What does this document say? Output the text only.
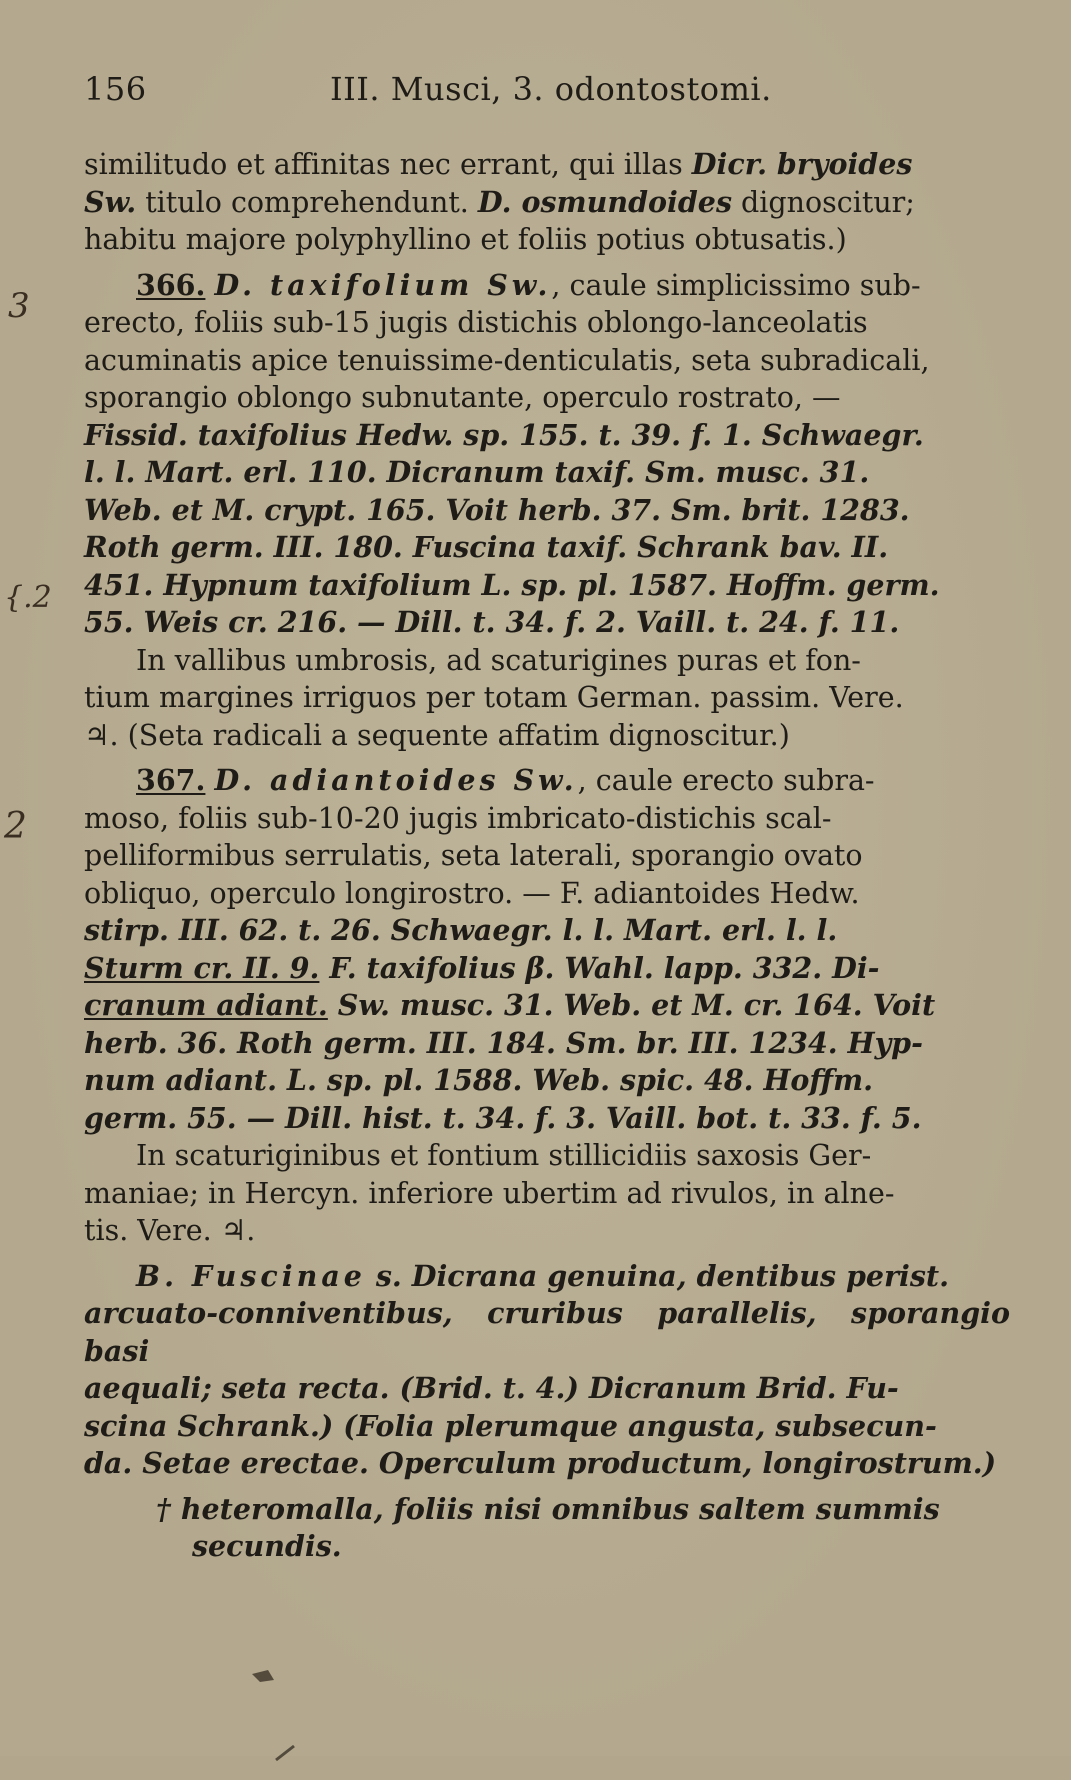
156	III. Musci, 3. odontostomi.
3
{.2
2

similitudo et affinitas nec errant, qui illas Dicr. bryoides

Sw. titulo comprehendunt. D. osmundoides dignoscitur;

habitu majore polyphyllino et foliis potius obtusatis.)

366. D. taxifolium Sw., caule simplicissimo sub-

erecto, foliis sub-15 jugis distichis oblongo-lanceolatis

acuminatis apice tenuissime-denticulatis, seta subradicali,

sporangio oblongo subnutante, operculo rostrato, —

Fissid. taxifolius Hedw. sp. 155. t. 39. f. 1. Schwaegr.

l. l. Mart. erl. 110. Dicranum taxif. Sm. musc. 31.

Web. et M. crypt. 165. Voit herb. 37. Sm. brit. 1283.

Roth germ. III. 180. Fuscina taxif. Schrank bav. II.

451. Hypnum taxifolium L. sp. pl. 1587. Hoffm. germ.

55. Weis cr. 216. — Dill. t. 34. f. 2. Vaill. t. 24. f. 11.

In vallibus umbrosis, ad scaturigines puras et fon-

tium margines irriguos per totam German. passim. Vere.

♃. (Seta radicali a sequente affatim dignoscitur.)

367. D. adiantoides Sw., caule erecto subra-

moso, foliis sub-10-20 jugis imbricato-distichis scal-

pelliformibus serrulatis, seta laterali, sporangio ovato

obliquo, operculo longirostro. — F. adiantoides Hedw.

stirp. III. 62. t. 26. Schwaegr. l. l. Mart. erl. l. l.

Sturm cr. II. 9. F. taxifolius β. Wahl. lapp. 332. Di-

cranum adiant. Sw. musc. 31. Web. et M. cr. 164. Voit

herb. 36. Roth germ. III. 184. Sm. br. III. 1234. Hyp-

num adiant. L. sp. pl. 1588. Web. spic. 48. Hoffm.

germ. 55. — Dill. hist. t. 34. f. 3. Vaill. bot. t. 33. f. 5.

In scaturiginibus et fontium stillicidiis saxosis Ger-

maniae; in Hercyn. inferiore ubertim ad rivulos, in alne-

tis. Vere. ♃.

B. Fuscinae s. Dicrana genuina, dentibus perist.

arcuato-conniventibus, cruribus parallelis, sporangio basi

aequali; seta recta. (Brid. t. 4.) Dicranum Brid. Fu-

scina Schrank.) (Folia plerumque angusta, subsecun-

da. Setae erectae. Operculum productum, longirostrum.)

† heteromalla, foliis nisi omnibus saltem summis

secundis.
